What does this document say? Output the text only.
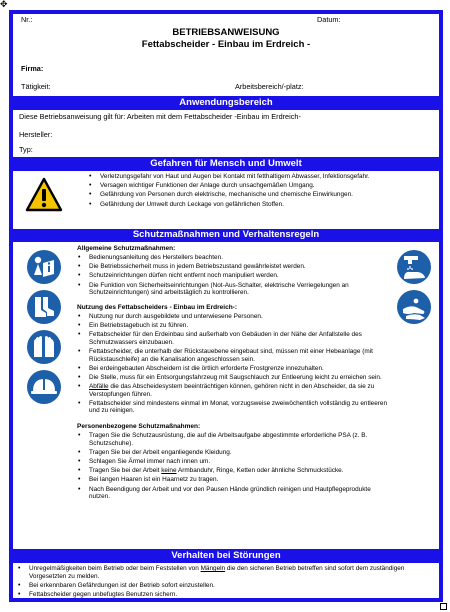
✥
Nr.:	Datum:
BETRIEBSANWEISUNG
Fettabscheider - Einbau im Erdreich -
Firma:
Tätigkeit:	Arbeitsbereich/-platz:
Anwendungsbereich
Diese Betriebsanweisung gilt für: Arbeiten mit dem Fettabscheider -Einbau im Erdreich-
Hersteller:
Typ:
Gefahren für Mensch und Umwelt
• Verletzungsgefahr von Haut und Augen bei Kontakt mit fetthaltigem Abwasser, Infektionsgefahr.
• Versagen wichtiger Funktionen der Anlage durch unsachgemäßen Umgang.
• Gefährdung von Personen durch elektrische, mechanische und chemische Einwirkungen.
• Gefährdung der Umwelt durch Leckage von gefährlichen Stoffen.
Schutzmaßnahmen und Verhaltensregeln
Allgemeine Schutzmaßnahmen:
• Bedienungsanleitung des Herstellers beachten.
• Die Betriebssicherheit muss in jedem Betriebszustand gewährleistet werden.
• Schutzeinrichtungen dürfen nicht entfernt noch manipuliert werden.
• Die Funktion von Sicherheitseinrichtungen (Not-Aus-Schalter, elektrische Verriegelungen an Schutzeinrichtungen) sind arbeitstäglich zu kontrollieren.
Nutzung des Fettabscheiders - Einbau im Erdreich-:
• Nutzung nur durch ausgebildete und unterwiesene Personen.
• Ein Betriebstagebuch ist zu führen.
• Fettabscheider für den Erdeinbau sind außerhalb von Gebäuden in der Nähe der Anfallstelle des Schmutzwassers einzubauen.
• Fettabscheider, die unterhalb der Rückstauebene eingebaut sind, müssen mit einer Hebeanlage (mit Rückstauschleife) an die Kanalisation angeschlossen sein.
• Bei erdeingebauten Abscheidern ist die örtlich erforderte Frostgrenze innezuhalten.
• Die Stelle, muss für ein Entsorgungsfahrzeug mit Saugschlauch zur Entleerung leicht zu erreichen sein.
• Abfälle die das Abscheidesystem beeinträchtigen können, gehören nicht in den Abscheider, da sie zu Verstopfungen führen.
• Fettabscheider sind mindestens einmal im Monat, vorzugsweise zweiwöchentlich vollständig zu entleeren und zu reinigen.
Personenbezogene Schutzmaßnahmen:
• Tragen Sie die Schutzausrüstung, die auf die Arbeitsaufgabe abgestimmte erforderliche PSA (z. B. Schutzschuhe).
• Tragen Sie bei der Arbeit enganliegende Kleidung.
• Schlagen Sie Ärmel immer nach innen um.
• Tragen Sie bei der Arbeit keine Armbanduhr, Ringe, Ketten oder ähnliche Schmuckstücke.
• Bei langen Haaren ist ein Haarnetz zu tragen.
• Nach Beendigung der Arbeit und vor den Pausen Hände gründlich reinigen und Hautpflegeprodukte nutzen.
Verhalten bei Störungen
• Unregelmäßigkeiten beim Betrieb oder beim Feststellen von Mängeln die den sicheren Betrieb betreffen sind sofort dem zuständigen Vorgesetzten zu melden.
• Bei erkennbaren Gefährdungen ist der Betrieb sofort einzustellen.
• Fettabscheider gegen unbefugtes Benutzen sichern.
